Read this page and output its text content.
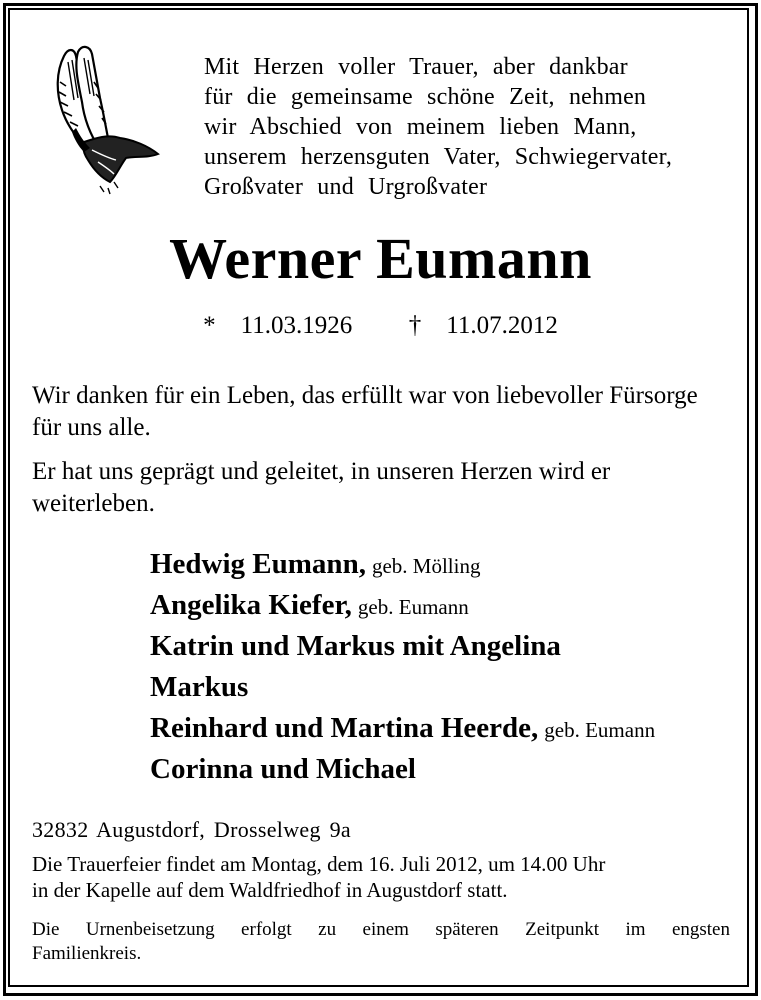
Mit Herzen voller Trauer, aber dankbar
für die gemeinsame schöne Zeit, nehmen
wir Abschied von meinem lieben Mann,
unserem herzensguten Vater, Schwiegervater,
Großvater und Urgroßvater

Werner Eumann
* 11.03.1926 † 11.07.2012

Wir danken für ein Leben, das erfüllt war von liebevoller Fürsorge für uns alle.

Er hat uns geprägt und geleitet, in unseren Herzen wird er weiterleben.

Hedwig Eumann, geb. Mölling
Angelika Kiefer, geb. Eumann
Katrin und Markus mit Angelina
Markus
Reinhard und Martina Heerde, geb. Eumann
Corinna und Michael
32832 Augustdorf, Drosselweg 9a

Die Trauerfeier findet am Montag, dem 16. Juli 2012, um 14.00 Uhr
in der Kapelle auf dem Waldfriedhof in Augustdorf statt.

Die Urnenbeisetzung erfolgt zu einem späteren Zeitpunkt im engsten
Familienkreis.
